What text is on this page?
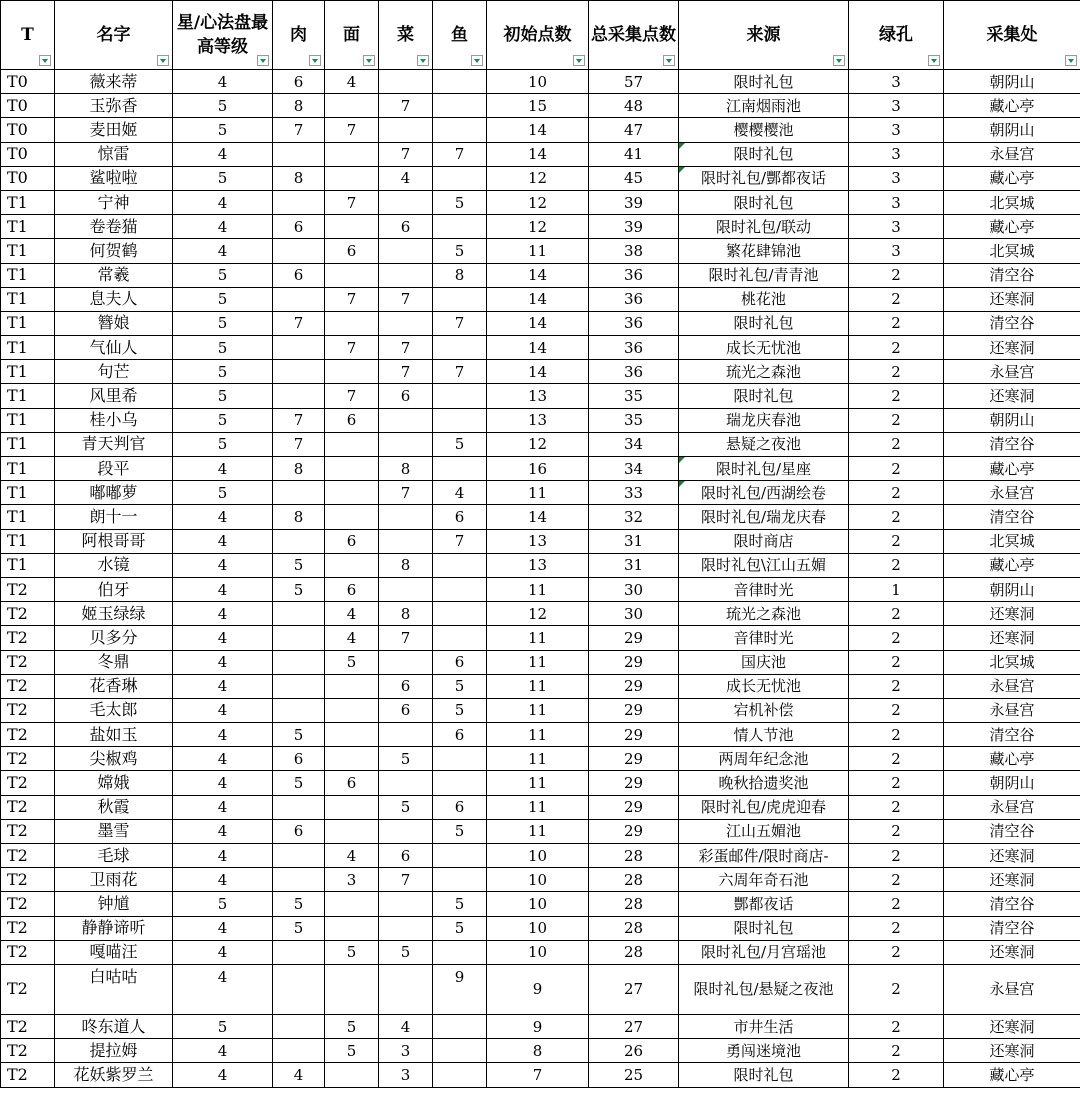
T	名字	星/心法盘最高等级	肉	面	菜	鱼	初始点数	总采集点数	来源	绿孔	采集处

T0	薇来蒂	4	6	4			10	57	限时礼包	3	朝阴山
T0	玉弥香	5	8		7		15	48	江南烟雨池	3	藏心亭
T0	麦田姬	5	7	7			14	47	樱樱樱池	3	朝阴山
T0	惊雷	4			7	7	14	41	限时礼包	3	永昼宫
T0	鲨啦啦	5	8		4		12	45	限时礼包/酆都夜话	3	藏心亭
T1	宁神	4		7		5	12	39	限时礼包	3	北冥城
T1	卷卷猫	4	6		6		12	39	限时礼包/联动	3	藏心亭
T1	何贺鹤	4		6		5	11	38	繁花肆锦池	3	北冥城
T1	常羲	5	6			8	14	36	限时礼包/青青池	2	清空谷
T1	息夫人	5		7	7		14	36	桃花池	2	还寒洞
T1	簪娘	5	7			7	14	36	限时礼包	2	清空谷
T1	气仙人	5		7	7		14	36	成长无忧池	2	还寒洞
T1	句芒	5			7	7	14	36	琉光之森池	2	永昼宫
T1	风里希	5		7	6		13	35	限时礼包	2	还寒洞
T1	桂小乌	5	7	6			13	35	瑞龙庆春池	2	朝阴山
T1	青天判官	5	7			5	12	34	悬疑之夜池	2	清空谷
T1	段平	4	8		8		16	34	限时礼包/星座	2	藏心亭
T1	嘟嘟萝	5			7	4	11	33	限时礼包/西湖绘卷	2	永昼宫
T1	朗十一	4	8			6	14	32	限时礼包/瑞龙庆春	2	清空谷
T1	阿根哥哥	4		6		7	13	31	限时商店	2	北冥城
T1	水镜	4	5		8		13	31	限时礼包\江山五媚	2	藏心亭
T2	伯牙	4	5	6			11	30	音律时光	1	朝阴山
T2	姬玉绿绿	4		4	8		12	30	琉光之森池	2	还寒洞
T2	贝多分	4		4	7		11	29	音律时光	2	还寒洞
T2	冬鼎	4		5		6	11	29	国庆池	2	北冥城
T2	花香琳	4			6	5	11	29	成长无忧池	2	永昼宫
T2	毛太郎	4			6	5	11	29	宕机补偿	2	永昼宫
T2	盐如玉	4	5			6	11	29	情人节池	2	清空谷
T2	尖椒鸡	4	6		5		11	29	两周年纪念池	2	藏心亭
T2	嫦娥	4	5	6			11	29	晚秋拾遗奖池	2	朝阴山
T2	秋霞	4			5	6	11	29	限时礼包/虎虎迎春	2	永昼宫
T2	墨雪	4	6			5	11	29	江山五媚池	2	清空谷
T2	毛球	4		4	6		10	28	彩蛋邮件/限时商店-	2	还寒洞
T2	卫雨花	4		3	7		10	28	六周年奇石池	2	还寒洞
T2	钟馗	5	5			5	10	28	酆都夜话	2	清空谷
T2	静静谛听	4	5			5	10	28	限时礼包	2	清空谷
T2	嘎喵汪	4		5	5		10	28	限时礼包/月宫瑶池	2	还寒洞
T2	白咕咕	4				9	9	27	限时礼包/悬疑之夜池	2	永昼宫
T2	咚东道人	5		5	4		9	27	市井生活	2	还寒洞
T2	提拉姆	4		5	3		8	26	勇闯迷境池	2	还寒洞
T2	花妖紫罗兰	4	4		3		7	25	限时礼包	2	藏心亭
